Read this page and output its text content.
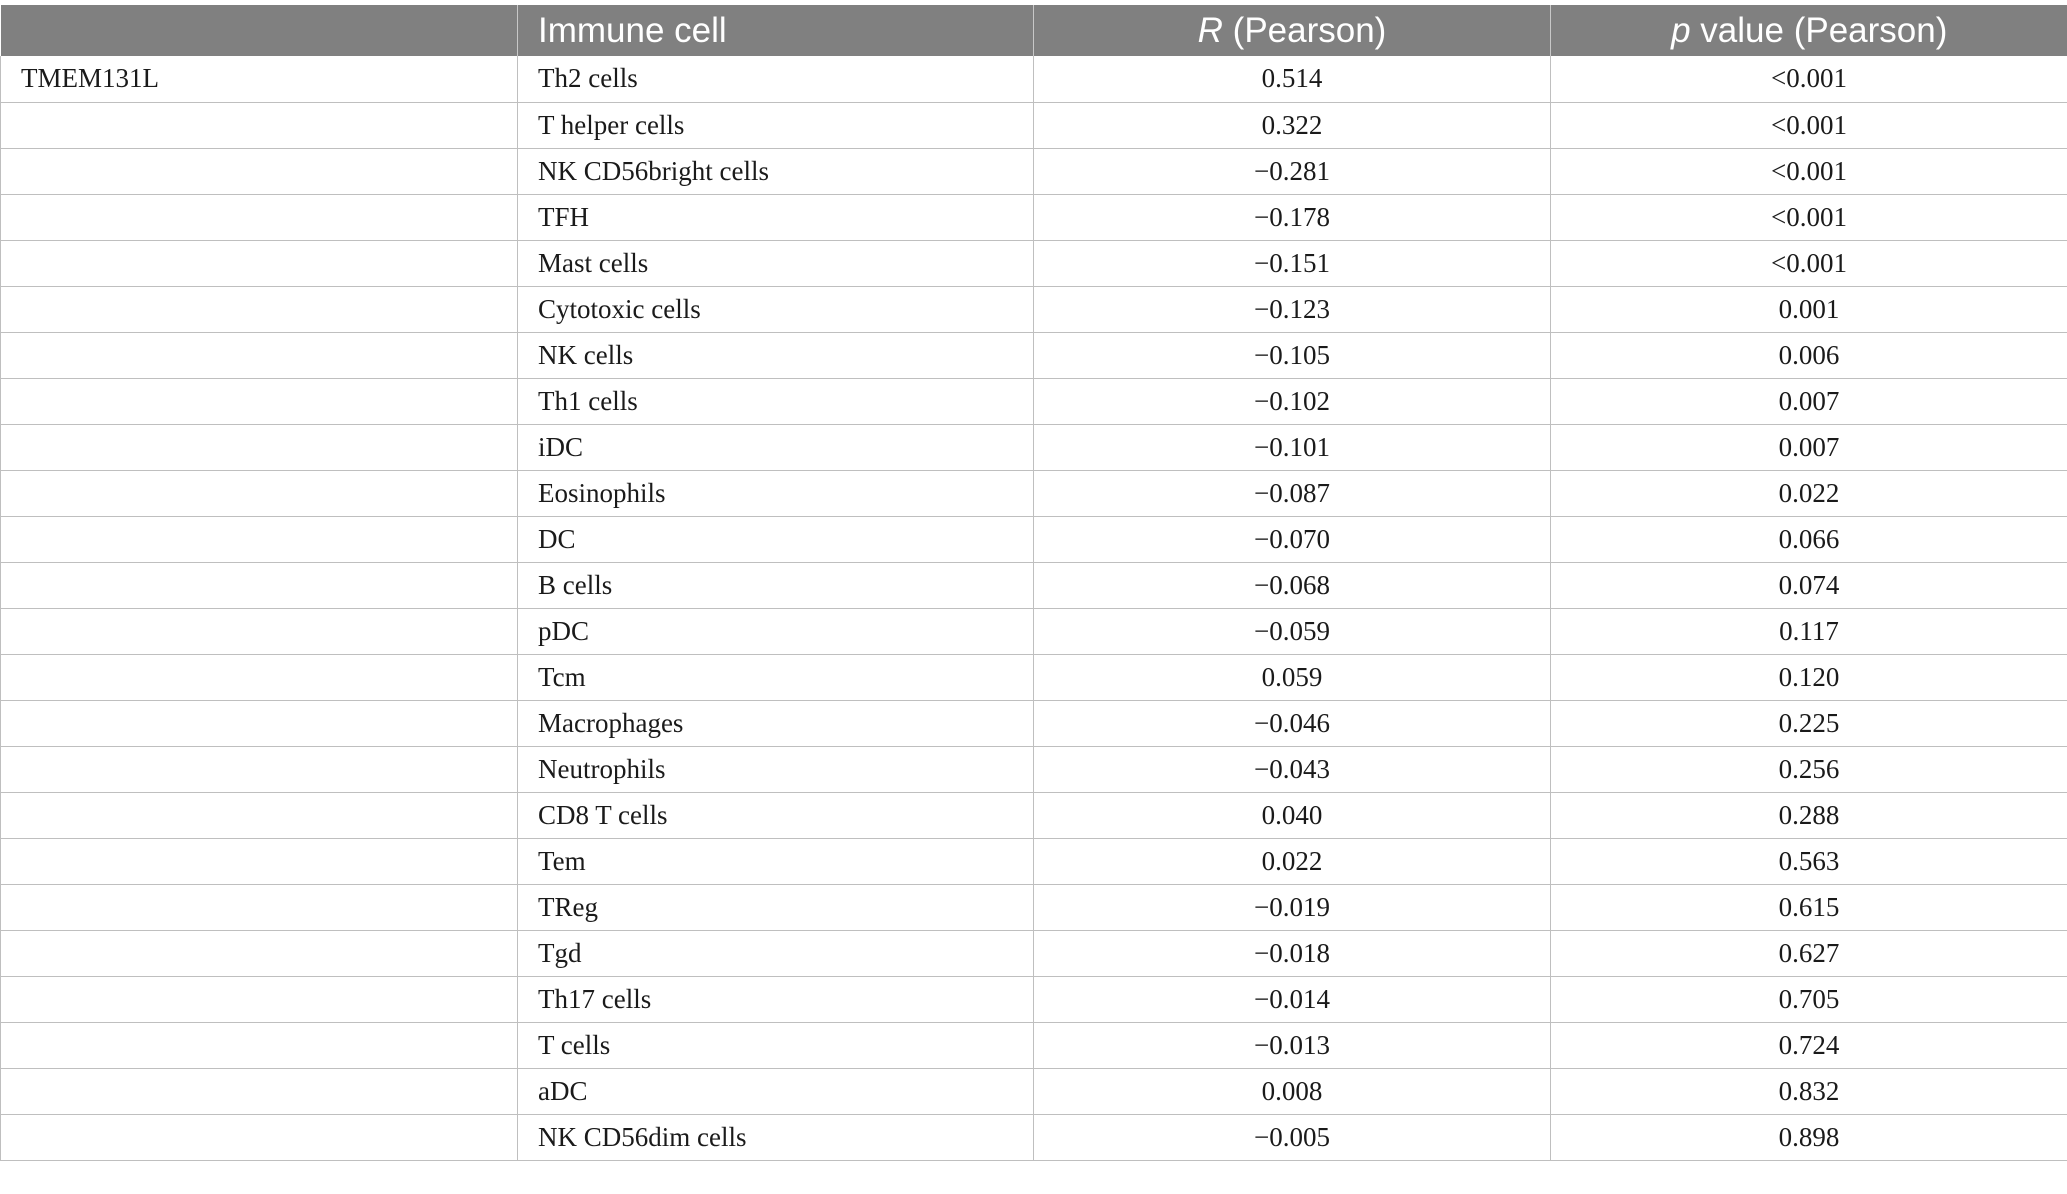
	Immune cell	R (Pearson)	p value (Pearson)
TMEM131L	Th2 cells	0.514	<0.001
	T helper cells	0.322	<0.001
	NK CD56bright cells	−0.281	<0.001
	TFH	−0.178	<0.001
	Mast cells	−0.151	<0.001
	Cytotoxic cells	−0.123	0.001
	NK cells	−0.105	0.006
	Th1 cells	−0.102	0.007
	iDC	−0.101	0.007
	Eosinophils	−0.087	0.022
	DC	−0.070	0.066
	B cells	−0.068	0.074
	pDC	−0.059	0.117
	Tcm	0.059	0.120
	Macrophages	−0.046	0.225
	Neutrophils	−0.043	0.256
	CD8 T cells	0.040	0.288
	Tem	0.022	0.563
	TReg	−0.019	0.615
	Tgd	−0.018	0.627
	Th17 cells	−0.014	0.705
	T cells	−0.013	0.724
	aDC	0.008	0.832
	NK CD56dim cells	−0.005	0.898
